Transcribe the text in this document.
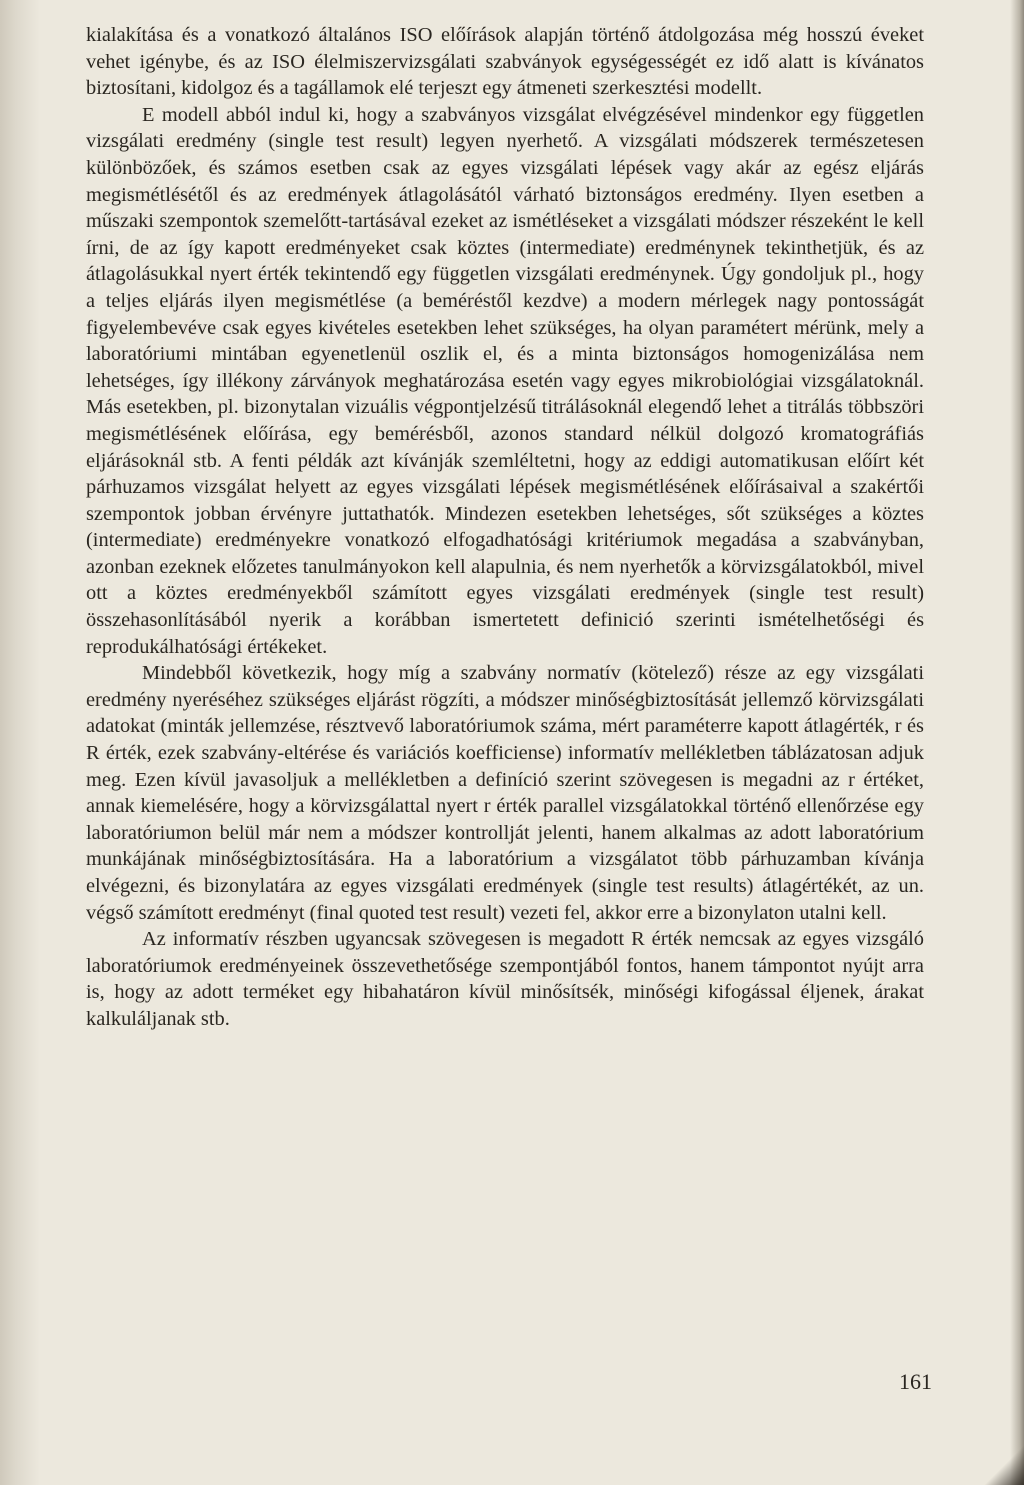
kialakítása és a vonatkozó általános ISO előírások alapján történő átdolgozása még hosszú éveket vehet igénybe, és az ISO élelmiszervizsgálati szabványok egységességét ez idő alatt is kívánatos biztosítani, kidolgoz és a tagállamok elé terjeszt egy átmeneti szerkesztési modellt.

E modell abból indul ki, hogy a szabványos vizsgálat elvégzésével mindenkor egy független vizsgálati eredmény (single test result) legyen nyerhető. A vizsgálati módszerek természetesen különbözőek, és számos esetben csak az egyes vizsgálati lépések vagy akár az egész eljárás megismétlésétől és az eredmények átlagolásától várható biztonságos eredmény. Ilyen esetben a műszaki szempontok szemelőtt-tartásával ezeket az ismétléseket a vizsgálati módszer részeként le kell írni, de az így kapott eredményeket csak köztes (intermediate) eredménynek tekinthetjük, és az átlagolásukkal nyert érték tekintendő egy független vizsgálati eredménynek. Úgy gondoljuk pl., hogy a teljes eljárás ilyen megismétlése (a beméréstől kezdve) a modern mérlegek nagy pontosságát figyelembevéve csak egyes kivételes esetekben lehet szükséges, ha olyan paramétert mérünk, mely a laboratóriumi mintában egyenetlenül oszlik el, és a minta biztonságos homogenizálása nem lehetséges, így illékony zárványok meghatározása esetén vagy egyes mikrobiológiai vizsgálatoknál. Más esetekben, pl. bizonytalan vizuális végpontjelzésű titrálásoknál elegendő lehet a titrálás többszöri megismétlésének előírása, egy bemérésből, azonos standard nélkül dolgozó kromatográfiás eljárásoknál stb. A fenti példák azt kívánják szemléltetni, hogy az eddigi automatikusan előírt két párhuzamos vizsgálat helyett az egyes vizsgálati lépések megismétlésének előírásaival a szakértői szempontok jobban érvényre juttathatók. Mindezen esetekben lehetséges, sőt szükséges a köztes (intermediate) eredményekre vonatkozó elfogadhatósági kritériumok megadása a szabványban, azonban ezeknek előzetes tanulmányokon kell alapulnia, és nem nyerhetők a körvizsgálatokból, mivel ott a köztes eredményekből számított egyes vizsgálati eredmények (single test result) összehasonlításából nyerik a korábban ismertetett definició szerinti ismételhetőségi és reprodukálhatósági értékeket.

Mindebből következik, hogy míg a szabvány normatív (kötelező) része az egy vizsgálati eredmény nyeréséhez szükséges eljárást rögzíti, a módszer minőségbiztosítását jellemző körvizsgálati adatokat (minták jellemzése, résztvevő laboratóriumok száma, mért paraméterre kapott átlagérték, r és R érték, ezek szabvány-eltérése és variációs koefficiense) informatív mellékletben táblázatosan adjuk meg. Ezen kívül javasoljuk a mellékletben a definíció szerint szövegesen is megadni az r értéket, annak kiemelésére, hogy a körvizsgálattal nyert r érték parallel vizsgálatokkal történő ellenőrzése egy laboratóriumon belül már nem a módszer kontrollját jelenti, hanem alkalmas az adott laboratórium munkájának minőségbiztosítására. Ha a laboratórium a vizsgálatot több párhuzamban kívánja elvégezni, és bizonylatára az egyes vizsgálati eredmények (single test results) átlagértékét, az un. végső számított eredményt (final quoted test result) vezeti fel, akkor erre a bizonylaton utalni kell.

Az informatív részben ugyancsak szövegesen is megadott R érték nemcsak az egyes vizsgáló laboratóriumok eredményeinek összevethetősége szempontjából fontos, hanem támpontot nyújt arra is, hogy az adott terméket egy hibahatáron kívül minősítsék, minőségi kifogással éljenek, árakat kalkuláljanak stb.

161
